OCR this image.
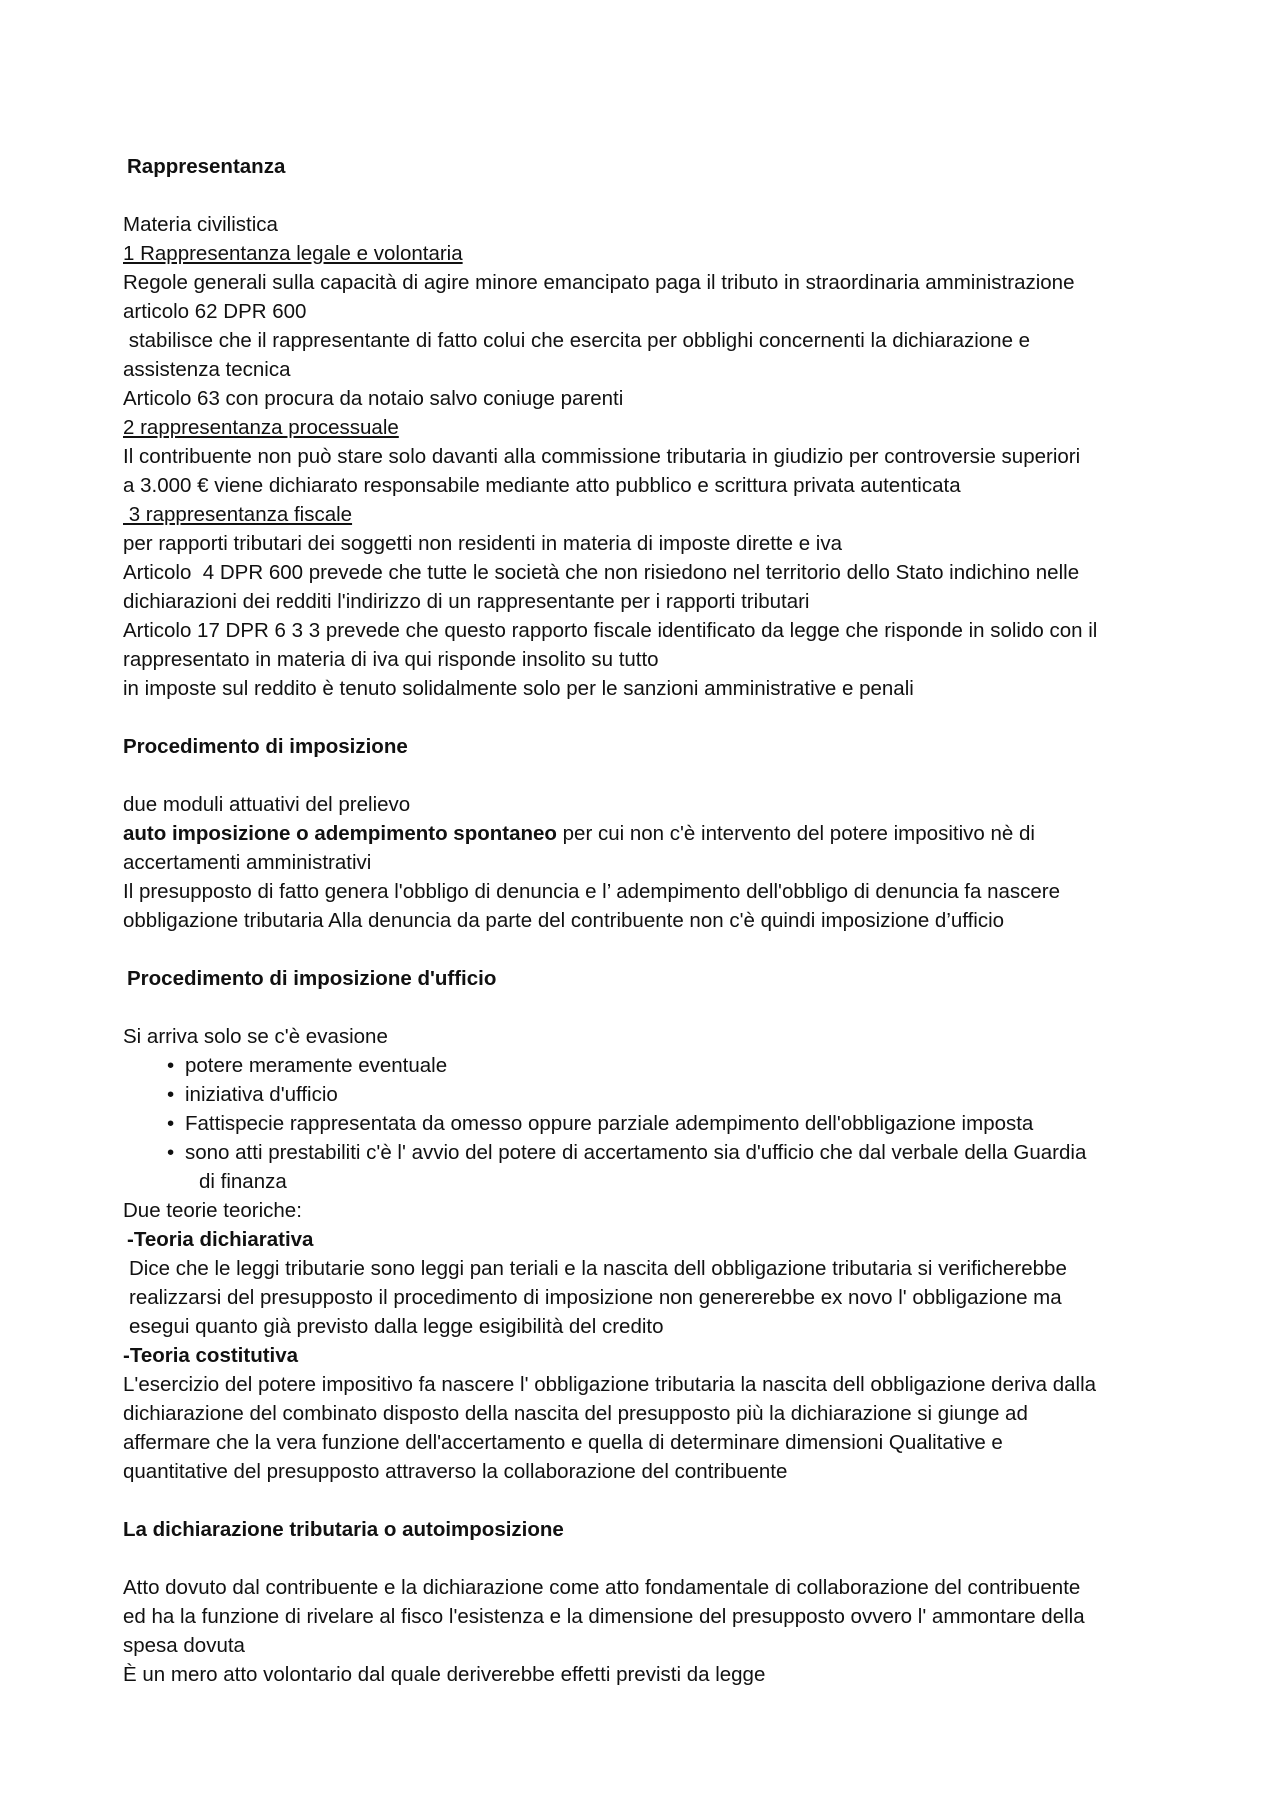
Rappresentanza
Materia civilistica
1 Rappresentanza legale e volontaria
Regole generali sulla capacità di agire minore emancipato paga il tributo in straordinaria amministrazione
articolo 62 DPR 600
stabilisce che il rappresentante di fatto colui che esercita per obblighi concernenti la dichiarazione e
assistenza tecnica
Articolo 63 con procura da notaio salvo coniuge parenti
2 rappresentanza processuale
Il contribuente non può stare solo davanti alla commissione tributaria in giudizio per controversie superiori
a 3.000 € viene dichiarato responsabile mediante atto pubblico e scrittura privata autenticata
3 rappresentanza fiscale
per rapporti tributari dei soggetti non residenti in materia di imposte dirette e iva
Articolo  4 DPR 600 prevede che tutte le società che non risiedono nel territorio dello Stato indichino nelle
dichiarazioni dei redditi l'indirizzo di un rappresentante per i rapporti tributari
Articolo 17 DPR 6 3 3 prevede che questo rapporto fiscale identificato da legge che risponde in solido con il
rappresentato in materia di iva qui risponde insolito su tutto
in imposte sul reddito è tenuto solidalmente solo per le sanzioni amministrative e penali
Procedimento di imposizione
due moduli attuativi del prelievo
auto imposizione o adempimento spontaneo per cui non c'è intervento del potere impositivo nè di
accertamenti amministrativi
Il presupposto di fatto genera l'obbligo di denuncia e l’ adempimento dell'obbligo di denuncia fa nascere
obbligazione tributaria Alla denuncia da parte del contribuente non c'è quindi imposizione d’ufficio
Procedimento di imposizione d'ufficio
Si arriva solo se c'è evasione
• potere meramente eventuale
• iniziativa d'ufficio
• Fattispecie rappresentata da omesso oppure parziale adempimento dell'obbligazione imposta
• sono atti prestabiliti c'è l' avvio del potere di accertamento sia d'ufficio che dal verbale della Guardia
di finanza
Due teorie teoriche:
-Teoria dichiarativa
Dice che le leggi tributarie sono leggi pan teriali e la nascita dell obbligazione tributaria si verificherebbe
realizzarsi del presupposto il procedimento di imposizione non genererebbe ex novo l' obbligazione ma
esegui quanto già previsto dalla legge esigibilità del credito
-Teoria costitutiva
L'esercizio del potere impositivo fa nascere l' obbligazione tributaria la nascita dell obbligazione deriva dalla
dichiarazione del combinato disposto della nascita del presupposto più la dichiarazione si giunge ad
affermare che la vera funzione dell'accertamento e quella di determinare dimensioni Qualitative e
quantitative del presupposto attraverso la collaborazione del contribuente
La dichiarazione tributaria o autoimposizione
Atto dovuto dal contribuente e la dichiarazione come atto fondamentale di collaborazione del contribuente
ed ha la funzione di rivelare al fisco l'esistenza e la dimensione del presupposto ovvero l' ammontare della
spesa dovuta
È un mero atto volontario dal quale deriverebbe effetti previsti da legge
